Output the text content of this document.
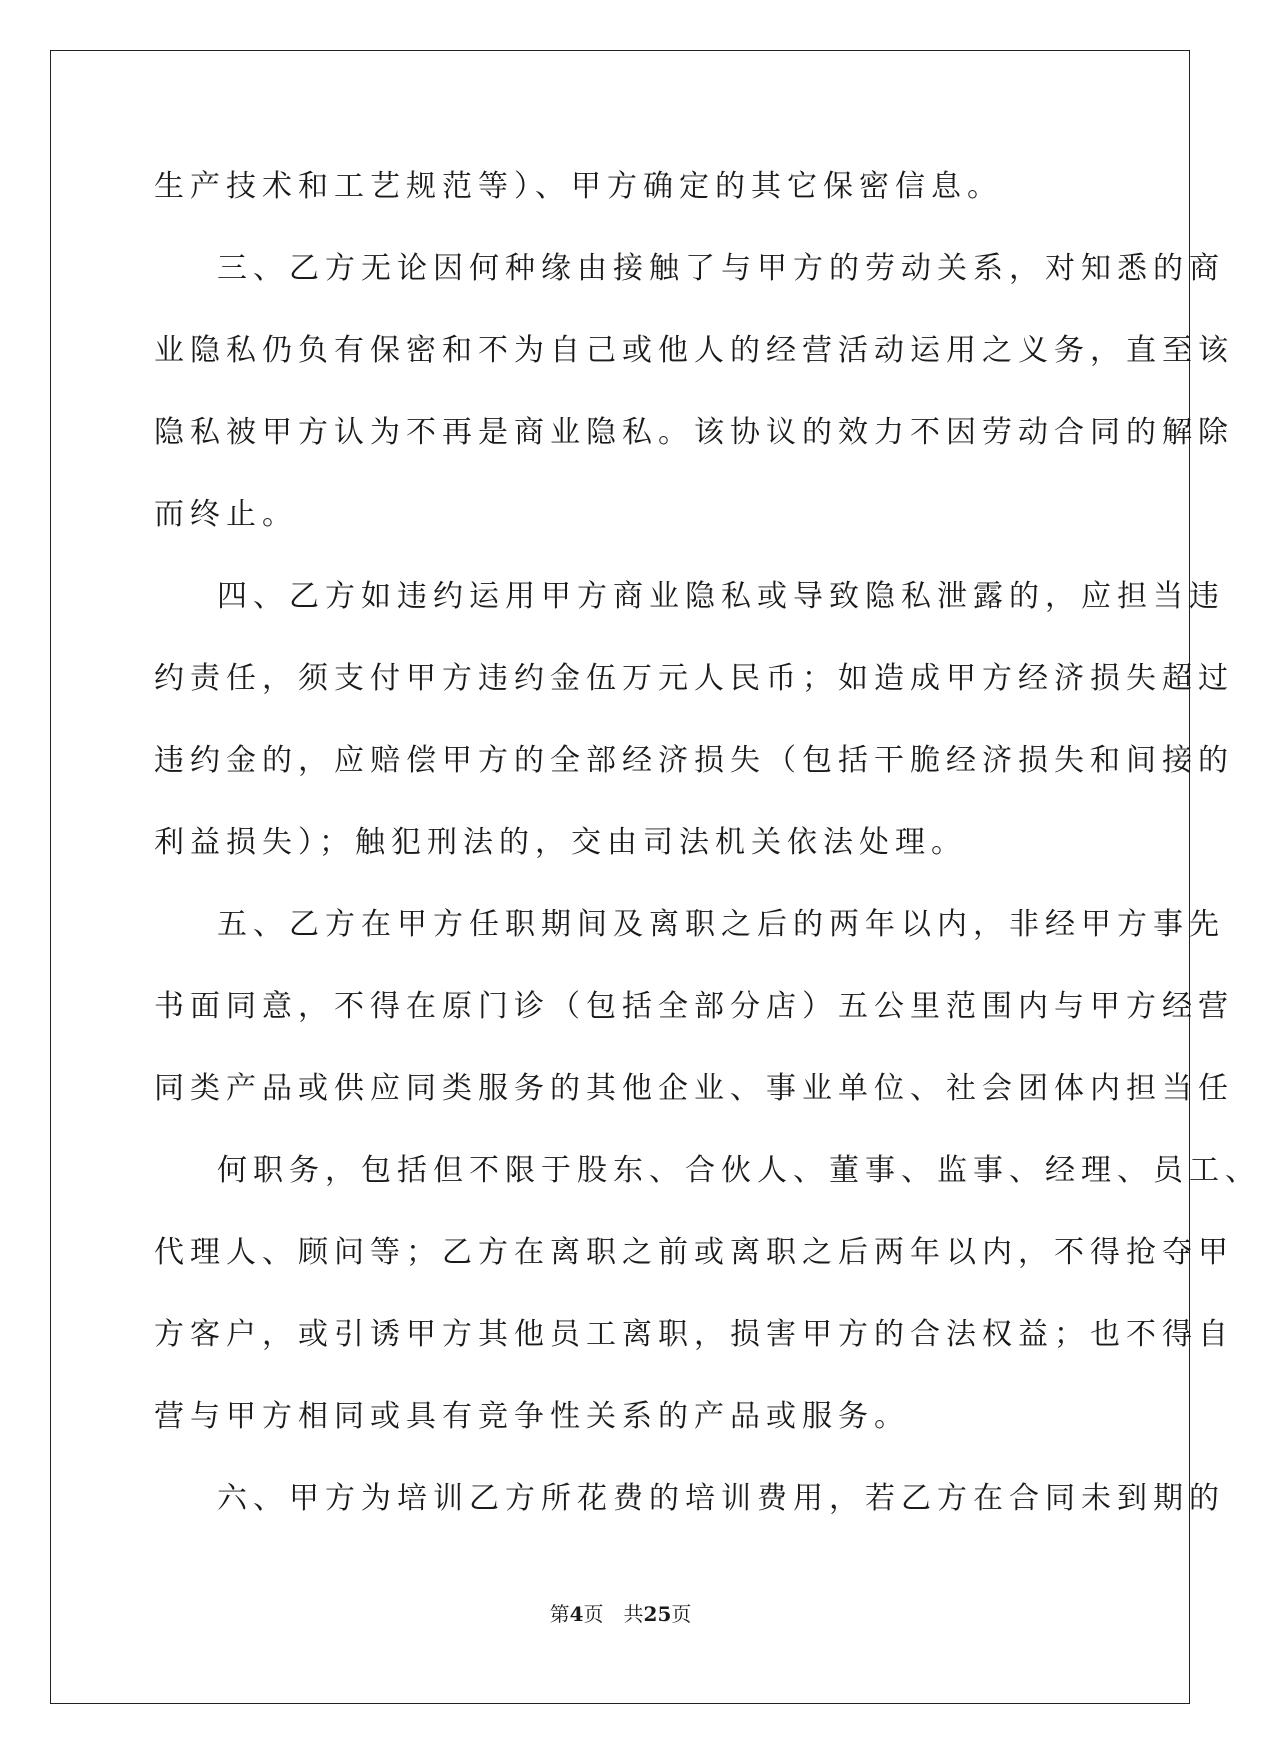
生产技术和工艺规范等）、甲方确定的其它保密信息。
三、乙方无论因何种缘由接触了与甲方的劳动关系，对知悉的商
业隐私仍负有保密和不为自己或他人的经营活动运用之义务，直至该
隐私被甲方认为不再是商业隐私。该协议的效力不因劳动合同的解除
而终止。
四、乙方如违约运用甲方商业隐私或导致隐私泄露的，应担当违
约责任，须支付甲方违约金伍万元人民币；如造成甲方经济损失超过
违约金的，应赔偿甲方的全部经济损失（包括干脆经济损失和间接的
利益损失）；触犯刑法的，交由司法机关依法处理。
五、乙方在甲方任职期间及离职之后的两年以内，非经甲方事先
书面同意，不得在原门诊（包括全部分店）五公里范围内与甲方经营
同类产品或供应同类服务的其他企业、事业单位、社会团体内担当任
何职务，包括但不限于股东、合伙人、董事、监事、经理、员工、
代理人、顾问等；乙方在离职之前或离职之后两年以内，不得抢夺甲
方客户，或引诱甲方其他员工离职，损害甲方的合法权益；也不得自
营与甲方相同或具有竞争性关系的产品或服务。
六、甲方为培训乙方所花费的培训费用，若乙方在合同未到期的
第4页 共25页
